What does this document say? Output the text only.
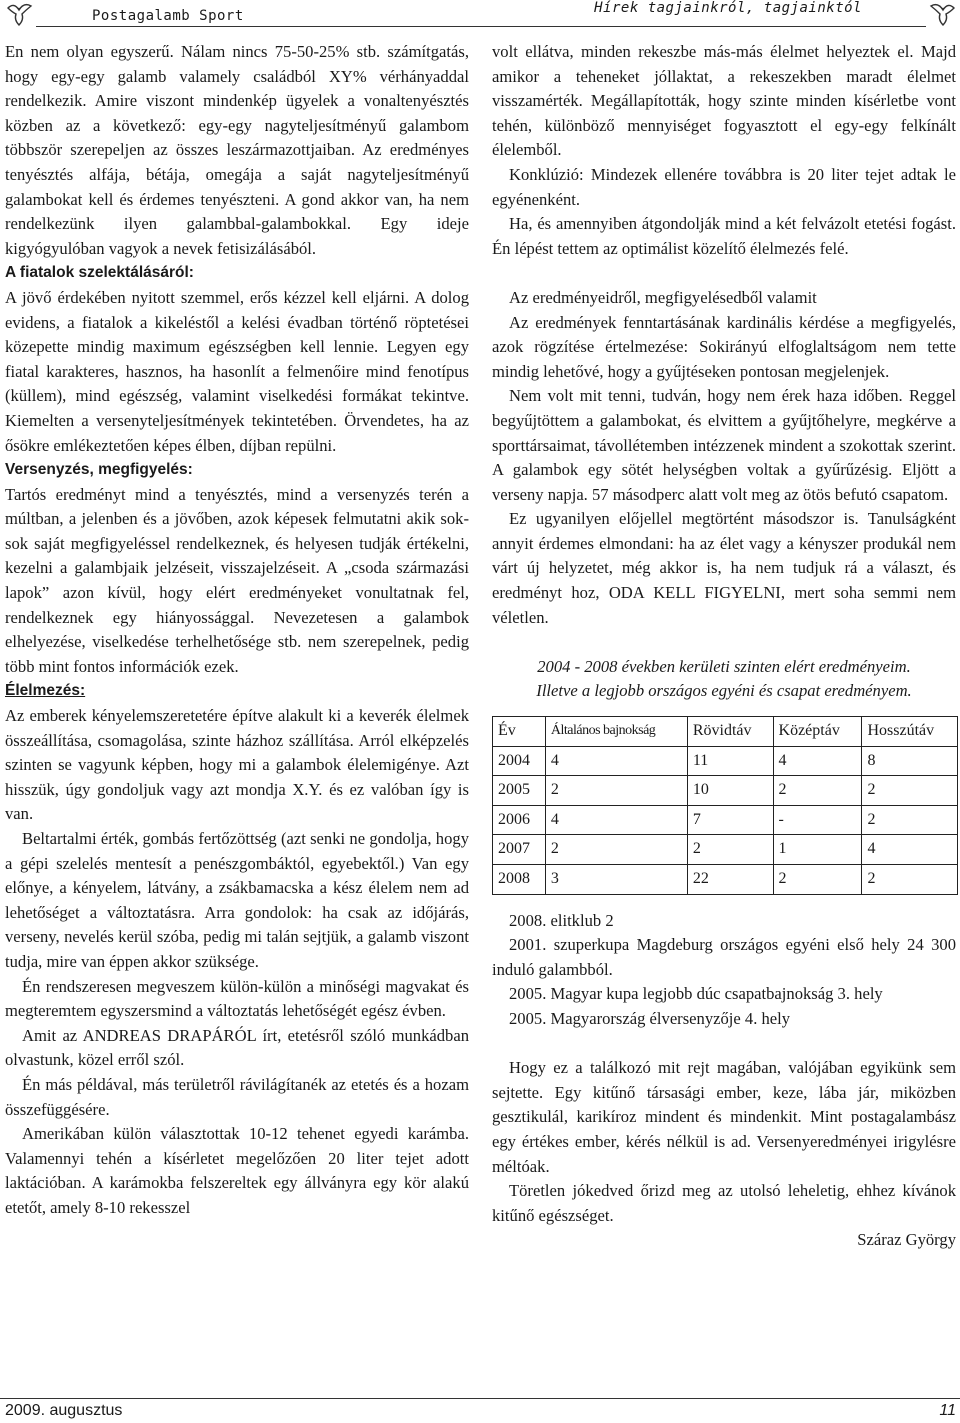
Postagalamb Sport	Hírek tagjainkról, tagjainktól

En nem olyan egyszerű. Nálam nincs 75-50-25% stb. számítgatás, hogy egy-egy galamb valamely családból XY% vérhányaddal rendelkezik. Amire viszont mindenkép ügyelek a vonaltenyésztés közben az a következő: egy-egy nagyteljesítményű galambom többször szerepeljen az összes leszármazottjaiban. Az eredményes tenyésztés alfája, bétája, omegája a saját nagyteljesítményű galambokat kell és érdemes tenyészteni. A gond akkor van, ha nem rendelkezünk ilyen galambbal-galambokkal. Egy ideje kigyógyulóban vagyok a nevek fetisizálásából.

A fiatalok szelektálásáról:

A jövő érdekében nyitott szemmel, erős kézzel kell eljárni. A dolog evidens, a fiatalok a kikeléstől a kelési évadban történő röptetései közepette mindig maximum egészségben kell lennie. Legyen egy fiatal karakteres, hasznos, ha hasonlít a felmenőire mind fenotípus (küllem), mind egészség, valamint viselkedési formákat tekintve. Kiemelten a versenyteljesítmények tekintetében. Örvendetes, ha az ősökre emlékeztetően képes élben, díjban repülni.

Versenyzés, megfigyelés:

Tartós eredményt mind a tenyésztés, mind a versenyzés terén a múltban, a jelenben és a jövőben, azok képesek felmutatni akik sok-sok saját megfigyeléssel rendelkeznek, és helyesen tudják értékelni, kezelni a galambjaik jelzéseit, visszajelzéseit. A „csoda származási lapok” azon kívül, hogy elért eredményeket vonultatnak fel, rendelkeznek egy hiányossággal. Nevezetesen a galambok elhelyezése, viselkedése terhelhetősége stb. nem szerepelnek, pedig több mint fontos információk ezek.

Élelmezés:

Az emberek kényelemszeretetére építve alakult ki a keverék élelmek összeállítása, csomagolása, szinte házhoz szállítása. Arról elképzelés szinten se vagyunk képben, hogy mi a galambok élelemigénye. Azt hisszük, úgy gondoljuk vagy azt mondja X.Y. és ez valóban így is van.

Beltartalmi érték, gombás fertőzöttség (azt senki ne gondolja, hogy a gépi szelelés mentesít a penészgombáktól, egyebektől.) Van egy előnye, a kényelem, látvány, a zsákbamacska a kész élelem nem ad lehetőséget a változtatásra. Arra gondolok: ha csak az időjárás, verseny, nevelés kerül szóba, pedig mi talán sejtjük, a galamb viszont tudja, mire van éppen akkor szüksége.

Én rendszeresen megveszem külön-külön a minőségi magvakat és megteremtem egyszersmind a változtatás lehetőségét egész évben.

Amit az ANDREAS DRAPÁRÓL írt, etetésről szóló munkádban olvastunk, közel erről szól.

Én más példával, más területről rávilágítanék az etetés és a hozam összefüggésére.

Amerikában külön választottak 10-12 tehenet egyedi karámba. Valamennyi tehén a kísérletet megelőzően 20 liter tejet adott laktációban. A karámokba felszereltek egy állványra egy kör alakú etetőt, amely 8-10 rekesszel

volt ellátva, minden rekeszbe más-más élelmet helyeztek el. Majd amikor a teheneket jóllaktat, a rekeszekben maradt élelmet visszamérték. Megállapították, hogy szinte minden kísérletbe vont tehén, különböző mennyiséget fogyasztott el egy-egy felkínált élelemből.

Konklúzió: Mindezek ellenére továbbra is 20 liter tejet adtak le egyénenként.

Ha, és amennyiben átgondolják mind a két felvázolt etetési fogást. Én lépést tettem az optimálist közelítő élelmezés felé.

Az eredményeidről, megfigyelésedből valamit

Az eredmények fenntartásának kardinális kérdése a megfigyelés, azok rögzítése értelmezése: Sokirányú elfoglaltságom nem tette mindig lehetővé, hogy a gyűjtéseken pontosan megjelenjek.

Nem volt mit tenni, tudván, hogy nem érek haza időben. Reggel begyűjtöttem a galambokat, és elvittem a gyűjtőhelyre, megkérve a sporttársaimat, távollétemben intézzenek mindent a szokottak szerint. A galambok egy sötét helységben voltak a gyűrűzésig. Eljött a verseny napja. 57 másodperc alatt volt meg az ötös befutó csapatom.

Ez ugyanilyen előjellel megtörtént másodszor is. Tanulságként annyit érdemes elmondani: ha az élet vagy a kényszer produkál nem várt új helyzetet, még akkor is, ha nem tudjuk rá a választ, és eredményt hoz, ODA KELL FIGYELNI, mert soha semmi nem véletlen.

2004 - 2008 években kerületi szinten elért eredményeim.

Illetve a legjobb országos egyéni és csapat eredményem.

Év	Általános bajnokság	Rövidtáv	Középtáv	Hosszútáv
2004	4	11	4	8
2005	2	10	2	2
2006	4	7	-	2
2007	2	2	1	4
2008	3	22	2	2

2008. elitklub 2

2001. szuperkupa Magdeburg országos egyéni első hely 24 300 induló galambból.

2005. Magyar kupa legjobb dúc csapatbajnokság 3. hely

2005. Magyarország élversenyzője 4. hely

Hogy ez a találkozó mit rejt magában, valójában egyikünk sem sejtette. Egy kitűnő társasági ember, keze, lába jár, miközben gesztikulál, karikíroz mindent és mindenkit. Mint postagalambász egy értékes ember, kérés nélkül is ad. Versenyeredményei irigylésre méltóak.

Töretlen jókedved őrizd meg az utolsó leheletig, ehhez kívánok kitűnő egészséget.

Száraz György

2009. augusztus	11
